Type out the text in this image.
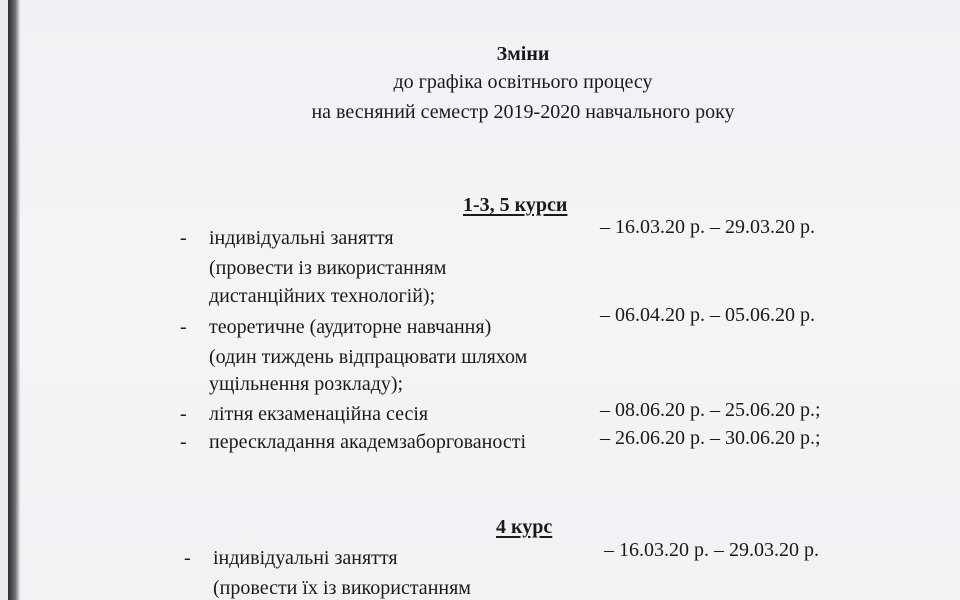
Зміни
до графіка освітнього процесу
на весняний семестр 2019-2020 навчального року
1-3, 5 курси
- індивідуальні заняття
(провести із використанням
дистанційних технологій);
– 16.03.20 р. – 29.03.20 р.
- теоретичне (аудиторне навчання)
(один тиждень відпрацювати шляхом
ущільнення розкладу);
– 06.04.20 р. – 05.06.20 р.
- літня екзаменаційна сесія	– 08.06.20 р. – 25.06.20 р.;
- перескладання академзаборгованості	– 26.06.20 р. – 30.06.20 р.;
4 курс
- індивідуальні заняття
(провести їх із використанням
– 16.03.20 р. – 29.03.20 р.
